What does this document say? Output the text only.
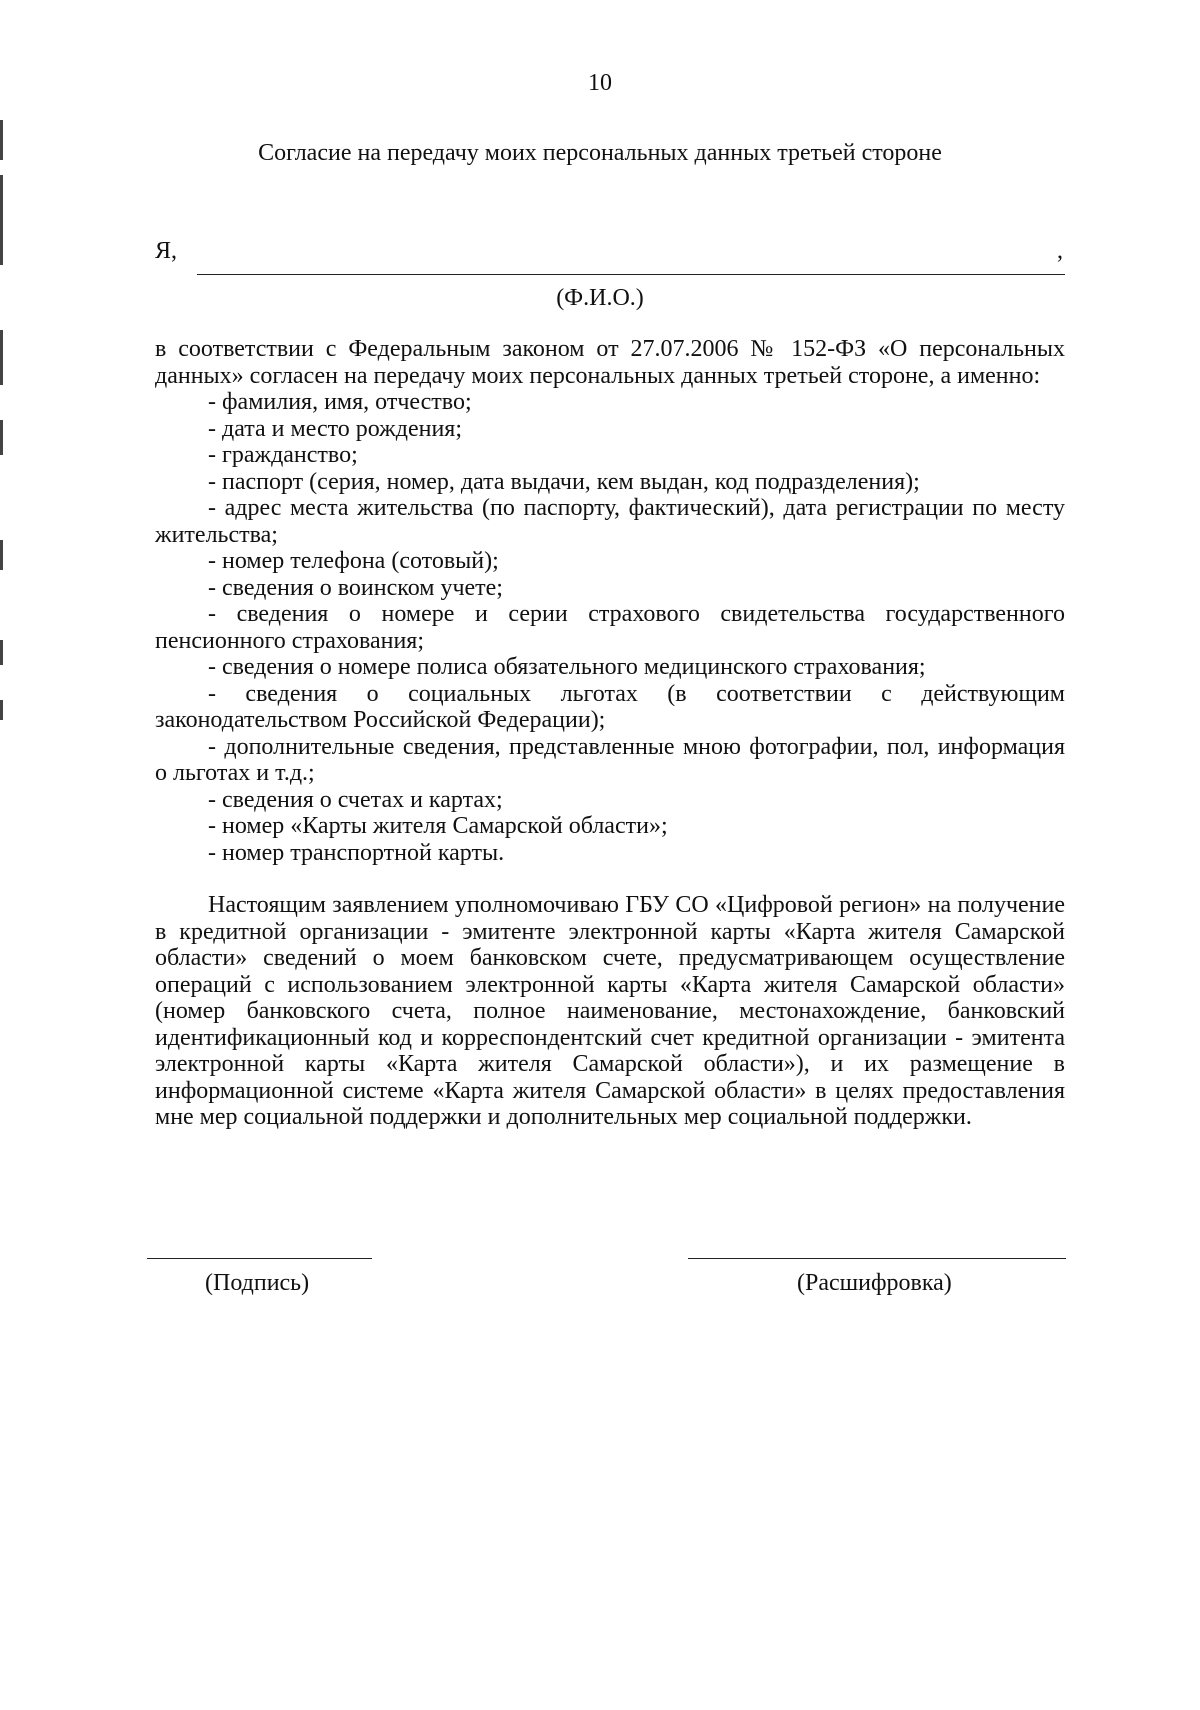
10
Согласие на передачу моих персональных данных третьей стороне
Я,	,
(Ф.И.О.)

в соответствии с Федеральным законом от 27.07.2006 № 152-ФЗ «О персональных данных» согласен на передачу моих персональных данных третьей стороне, а именно:

- фамилия, имя, отчество;

- дата и место рождения;

- гражданство;

- паспорт (серия, номер, дата выдачи, кем выдан, код подразделения);

- адрес места жительства (по паспорту, фактический), дата регистрации по месту жительства;

- номер телефона (сотовый);

- сведения о воинском учете;

- сведения о номере и серии страхового свидетельства государственного пенсионного страхования;

- сведения о номере полиса обязательного медицинского страхования;

- сведения о социальных льготах (в соответствии с действующим законодательством Российской Федерации);

- дополнительные сведения, представленные мною фотографии, пол, информация о льготах и т.д.;

- сведения о счетах и картах;

- номер «Карты жителя Самарской области»;

- номер транспортной карты.

Настоящим заявлением уполномочиваю ГБУ СО «Цифровой регион» на получение в кредитной организации - эмитенте электронной карты «Карта жителя Самарской области» сведений о моем банковском счете, предусматривающем осуществление операций с использованием электронной карты «Карта жителя Самарской области» (номер банковского счета, полное наименование, местонахождение, банковский идентификационный код и корреспондентский счет кредитной организации - эмитента электронной карты «Карта жителя Самарской области»), и их размещение в информационной системе «Карта жителя Самарской области» в целях предоставления мне мер социальной поддержки и дополнительных мер социальной поддержки.

(Подпись)	(Расшифровка)
